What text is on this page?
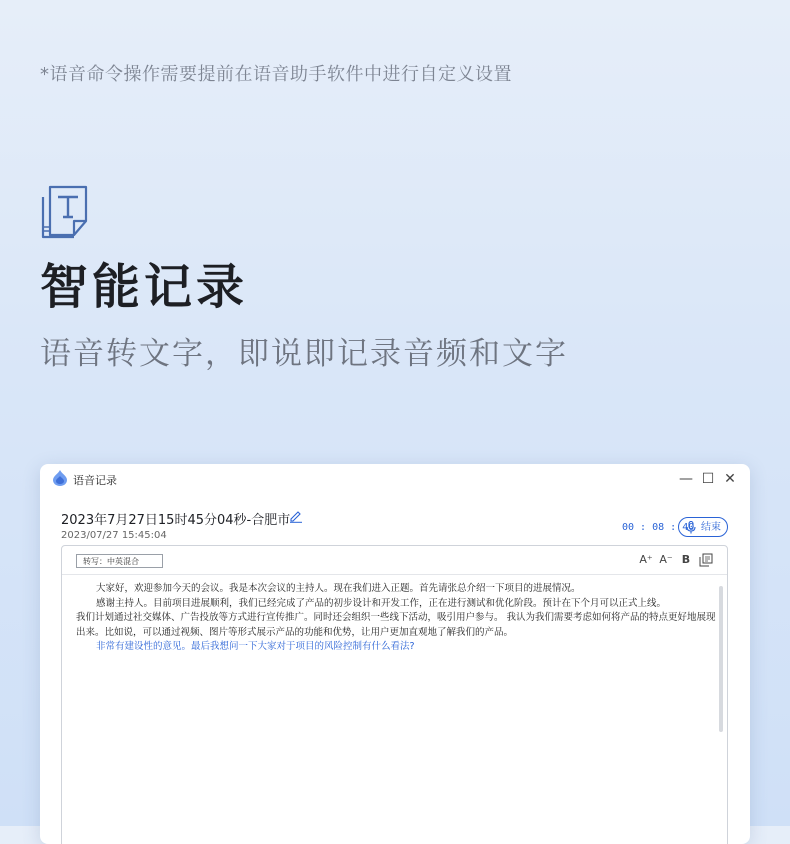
*语音命令操作需要提前在语音助手软件中进行自定义设置
智能记录
语音转文字，即说即记录音频和文字
语音记录	— ☐ ✕
2023年7月27日15时45分04秒-合肥市
2023/07/27 15:45:04
00 : 08 : 40 结束
转写：中英混合	A⁺ A⁻ B

大家好，欢迎参加今天的会议。我是本次会议的主持人。现在我们进入正题。首先请张总介绍一下项目的进展情况。

感谢主持人。目前项目进展顺利，我们已经完成了产品的初步设计和开发工作，正在进行测试和优化阶段。预计在下个月可以正式上线。

我们计划通过社交媒体、广告投放等方式进行宣传推广。同时还会组织一些线下活动，吸引用户参与。 我认为我们需要考虑如何将产品的特点更好地展现出来。比如说，可以通过视频、图片等形式展示产品的功能和优势，让用户更加直观地了解我们的产品。

非常有建设性的意见。最后我想问一下大家对于项目的风险控制有什么看法?
